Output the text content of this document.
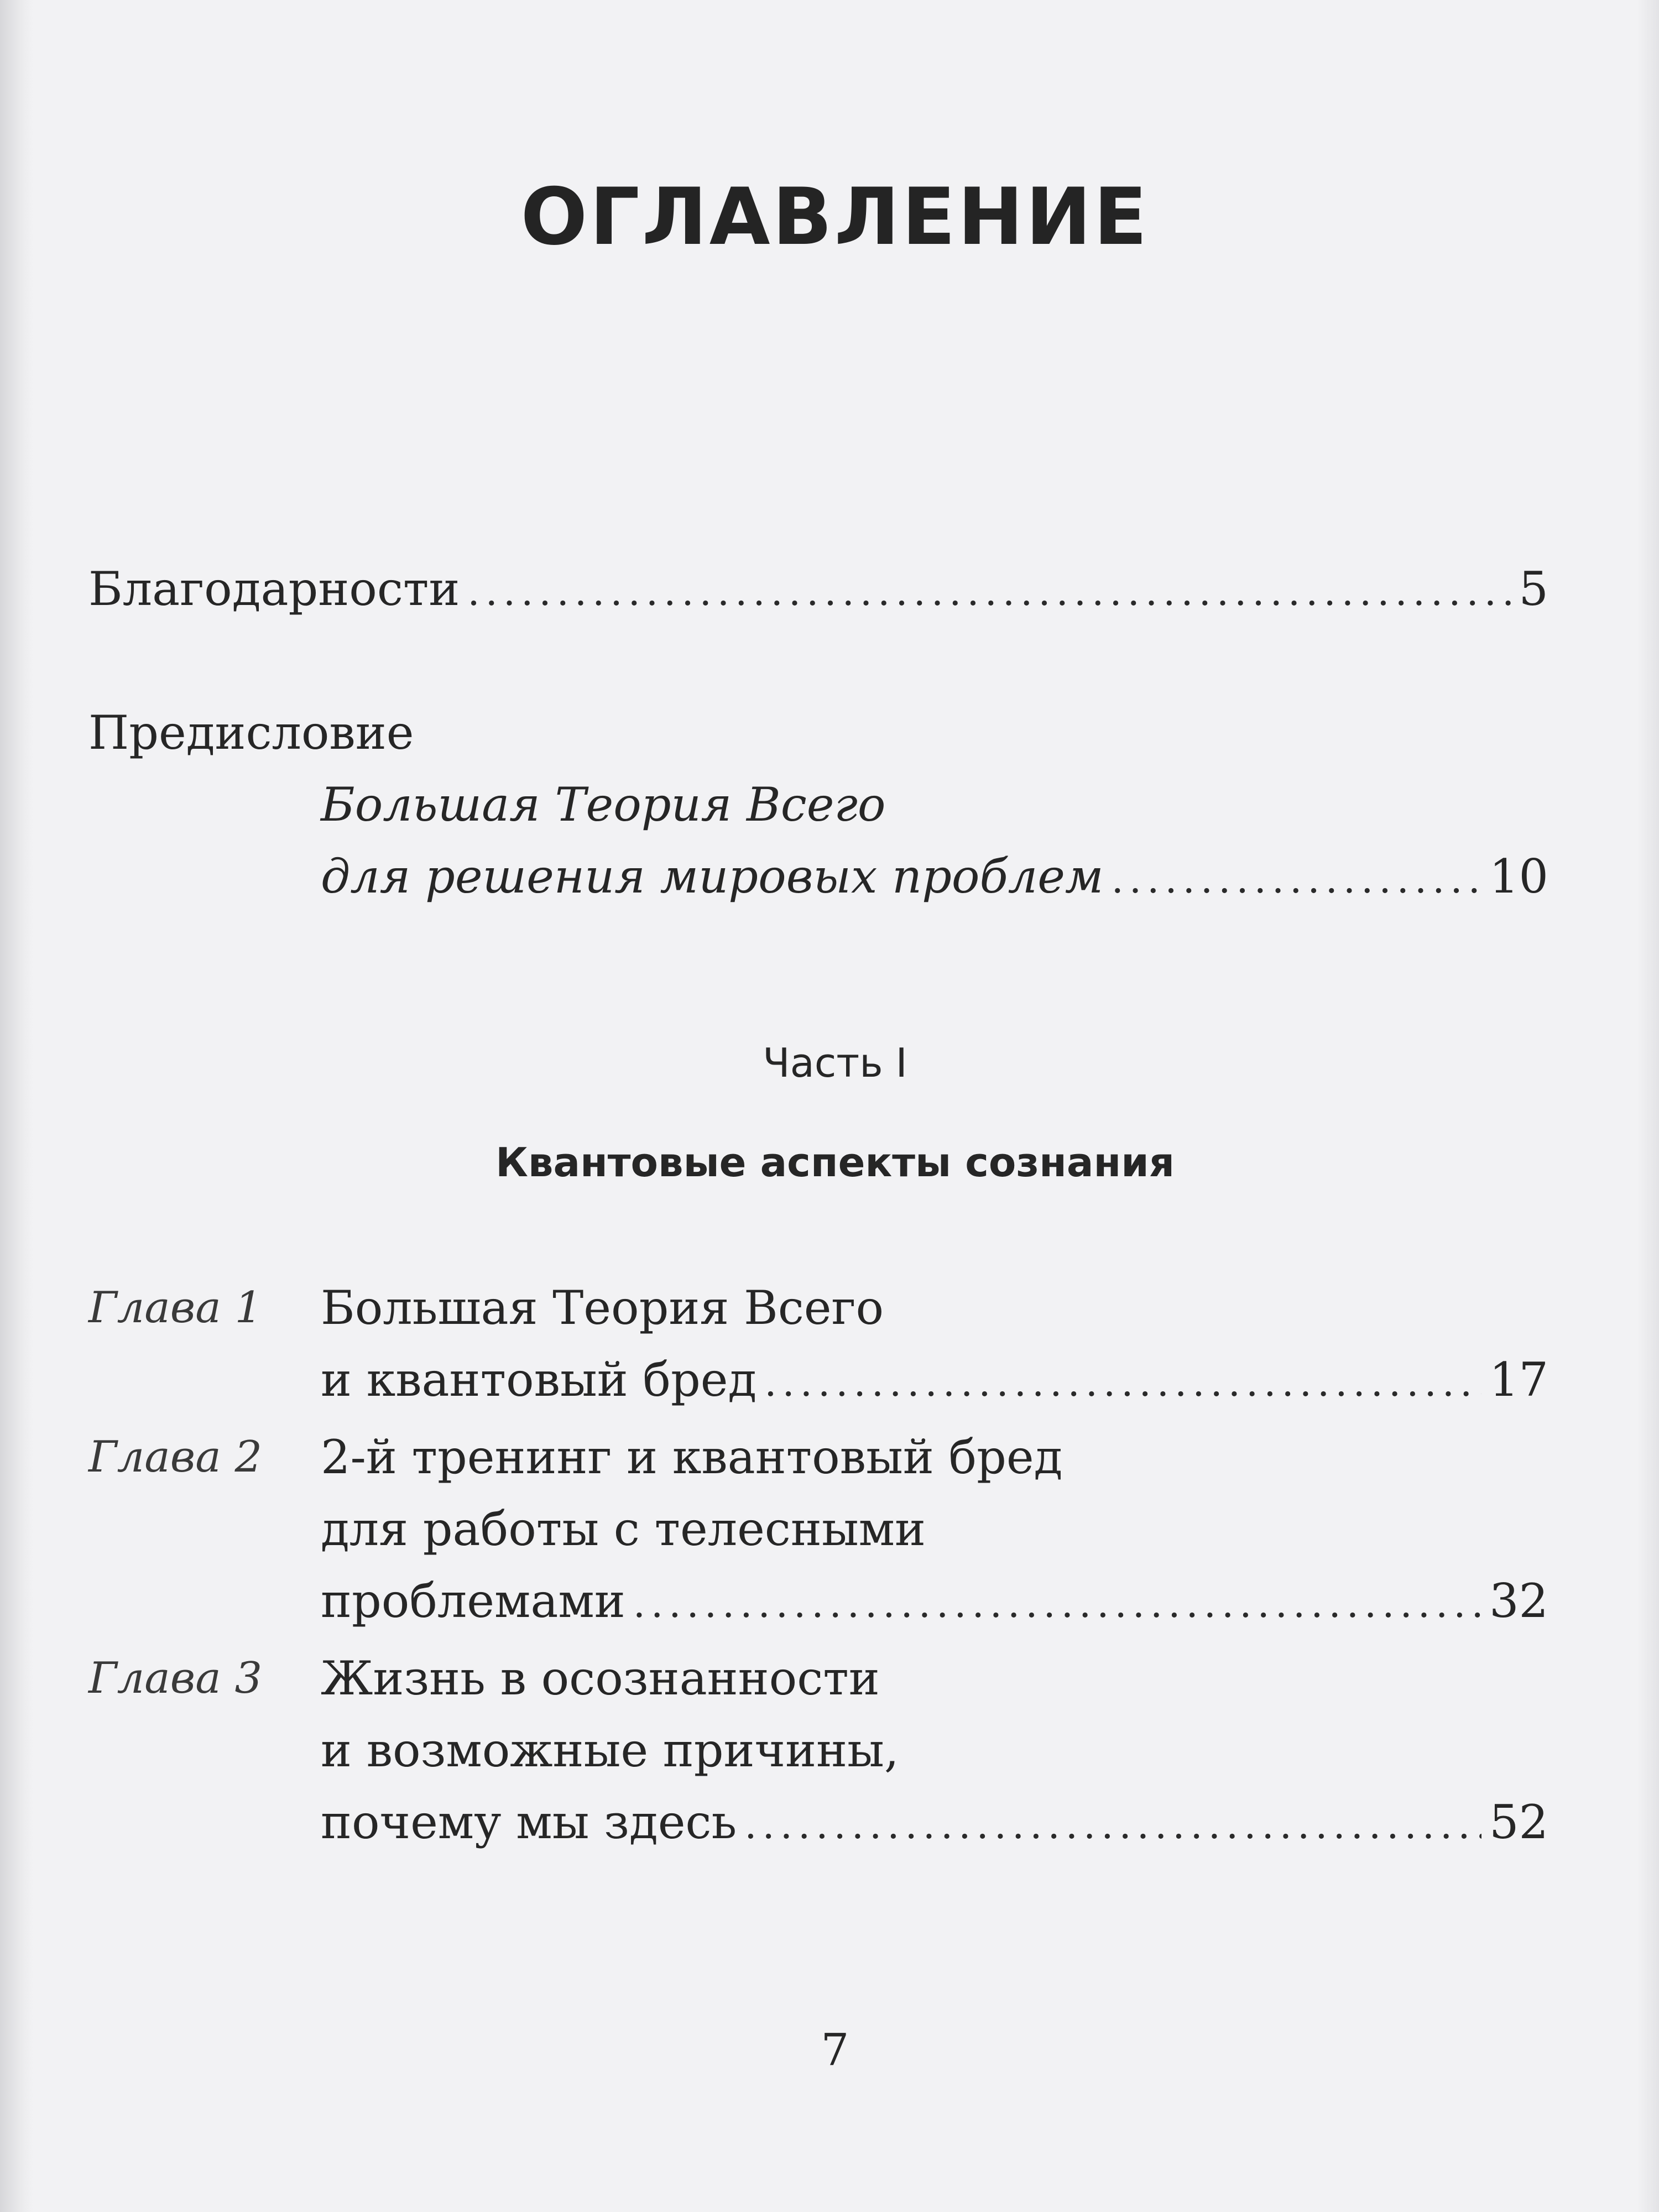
ОГЛАВЛЕНИЕ
Благодарности .....	5
Предисловие
Большая Теория Всего
для решения мировых проблем .....	10
Часть I
Квантовые аспекты сознания
Глава 1	Большая Теория Всего
и квантовый бред .....	17
Глава 2	2-й тренинг и квантовый бред
для работы с телесными
проблемами .....	32
Глава 3	Жизнь в осознанности
и возможные причины,
почему мы здесь .....	52
7
